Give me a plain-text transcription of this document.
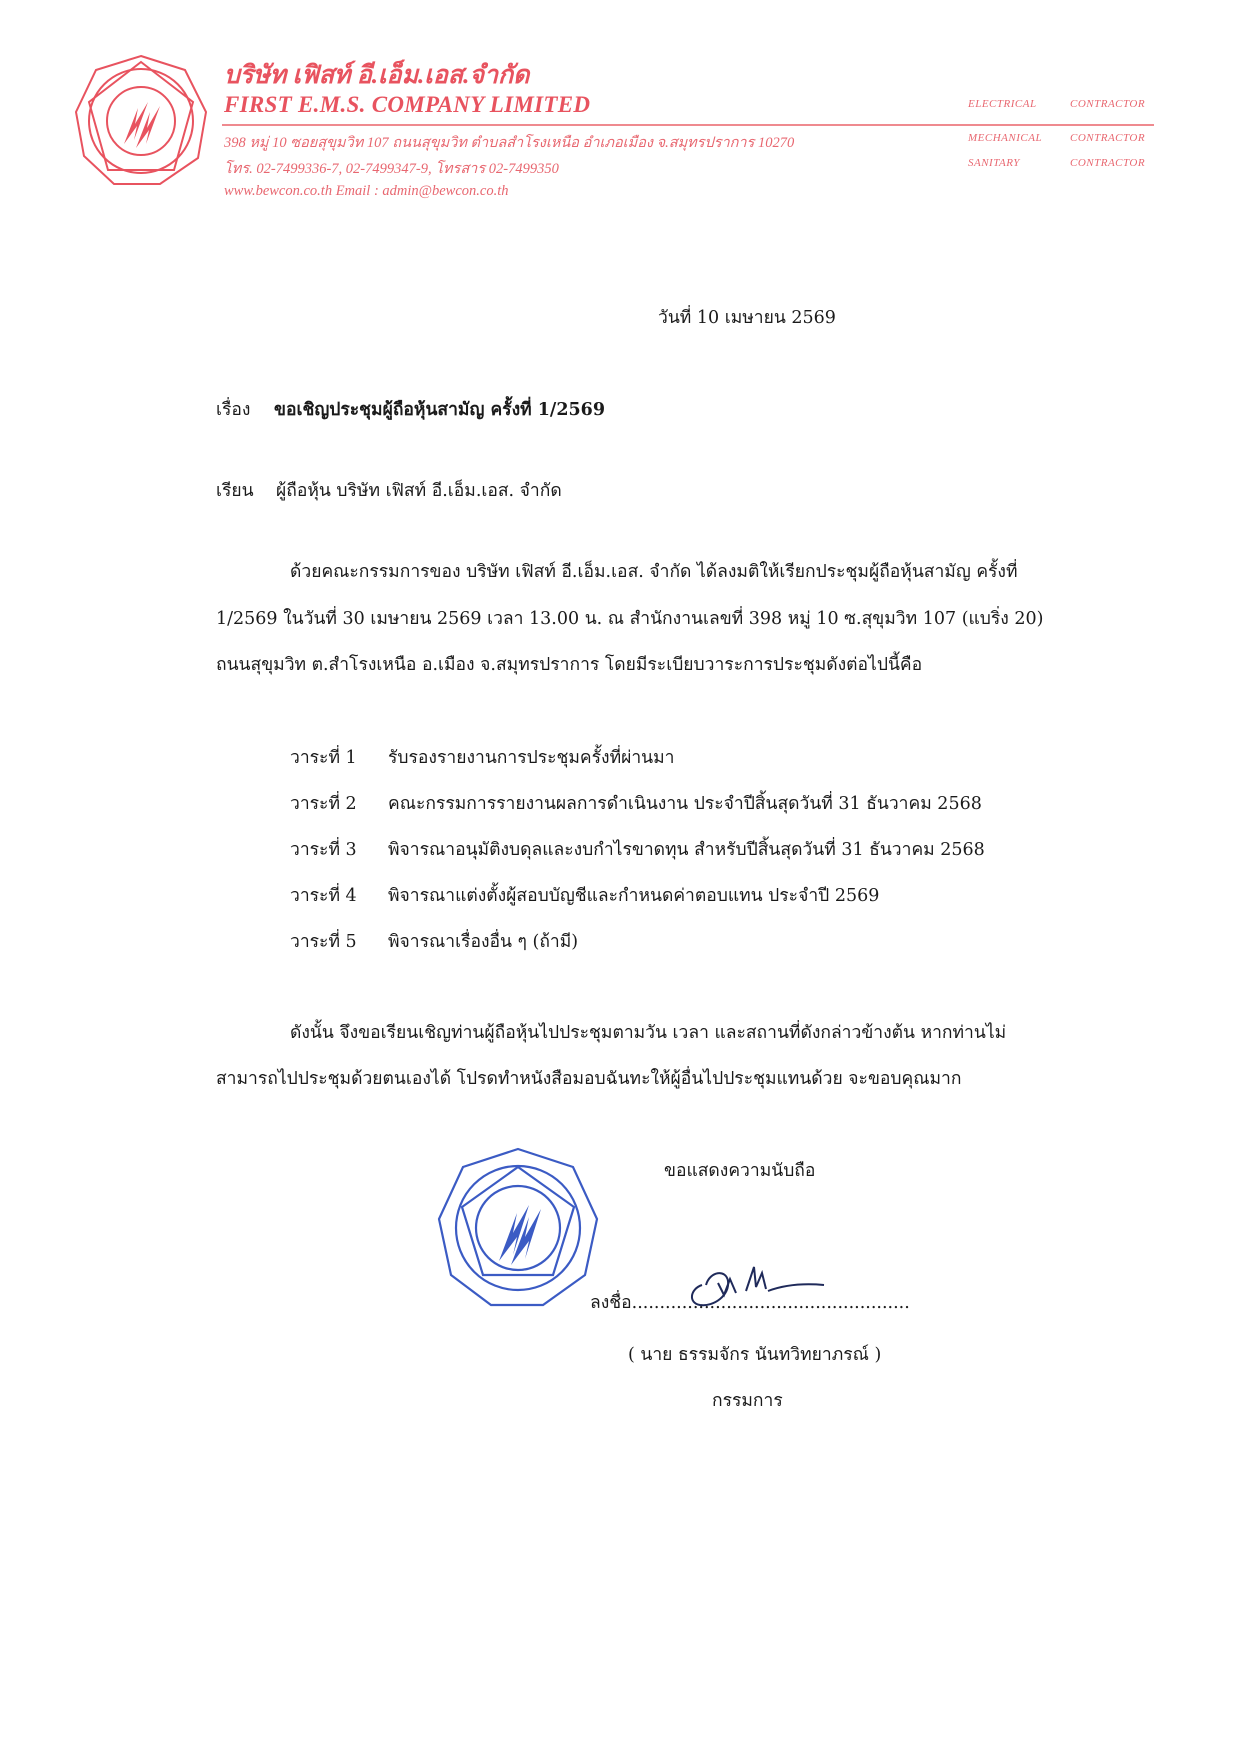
บริษัท เฟิสท์ อี.เอ็ม.เอส.จำกัด
FIRST E.M.S. COMPANY LIMITED
398 หมู่ 10 ซอยสุขุมวิท 107 ถนนสุขุมวิท ตำบลสำโรงเหนือ อำเภอเมือง จ.สมุทรปราการ 10270
โทร. 02-7499336-7, 02-7499347-9, โทรสาร 02-7499350
www.bewcon.co.th Email : admin@bewcon.co.th
ELECTRICAL	CONTRACTOR
MECHANICAL	CONTRACTOR
SANITARY	CONTRACTOR
วันที่ 10 เมษายน 2569
เรื่อง ขอเชิญประชุมผู้ถือหุ้นสามัญ ครั้งที่ 1/2569
เรียน ผู้ถือหุ้น บริษัท เฟิสท์ อี.เอ็ม.เอส. จำกัด
ด้วยคณะกรรมการของ บริษัท เฟิสท์ อี.เอ็ม.เอส. จำกัด ได้ลงมติให้เรียกประชุมผู้ถือหุ้นสามัญ ครั้งที่
1/2569 ในวันที่ 30 เมษายน 2569 เวลา 13.00 น. ณ สำนักงานเลขที่ 398 หมู่ 10 ซ.สุขุมวิท 107 (แบริ่ง 20)
ถนนสุขุมวิท ต.สำโรงเหนือ อ.เมือง จ.สมุทรปราการ โดยมีระเบียบวาระการประชุมดังต่อไปนี้คือ
วาระที่ 1 รับรองรายงานการประชุมครั้งที่ผ่านมา
วาระที่ 2 คณะกรรมการรายงานผลการดำเนินงาน ประจำปีสิ้นสุดวันที่ 31 ธันวาคม 2568
วาระที่ 3 พิจารณาอนุมัติงบดุลและงบกำไรขาดทุน สำหรับปีสิ้นสุดวันที่ 31 ธันวาคม 2568
วาระที่ 4 พิจารณาแต่งตั้งผู้สอบบัญชีและกำหนดค่าตอบแทน ประจำปี 2569
วาระที่ 5 พิจารณาเรื่องอื่น ๆ (ถ้ามี)
ดังนั้น จึงขอเรียนเชิญท่านผู้ถือหุ้นไปประชุมตามวัน เวลา และสถานที่ดังกล่าวข้างต้น หากท่านไม่
สามารถไปประชุมด้วยตนเองได้ โปรดทำหนังสือมอบฉันทะให้ผู้อื่นไปประชุมแทนด้วย จะขอบคุณมาก
ขอแสดงความนับถือ
ลงชื่อ..................................................
( นาย ธรรมจักร นันทวิทยาภรณ์ )
กรรมการ
